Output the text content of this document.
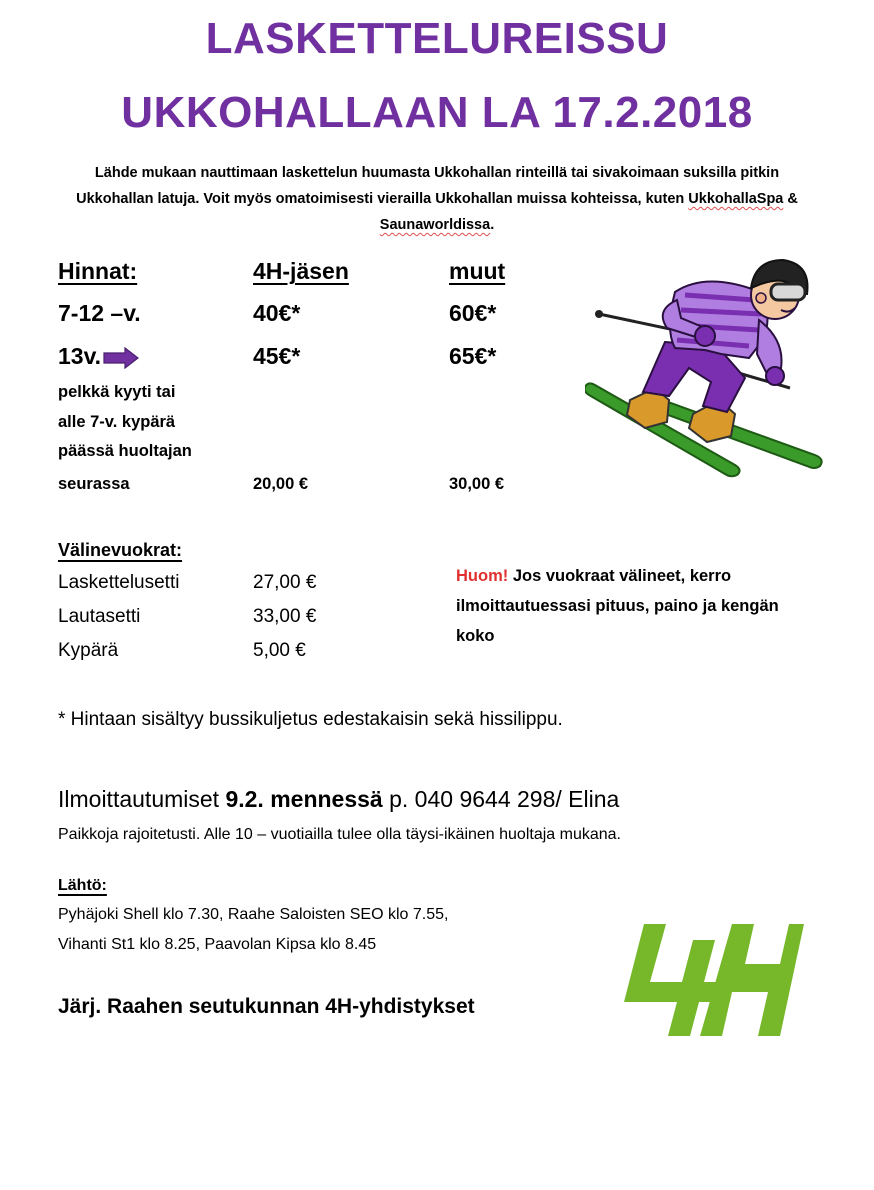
LASKETTELUREISSU
UKKOHALLAAN LA 17.2.2018
Lähde mukaan nauttimaan laskettelun huumasta Ukkohallan rinteillä tai sivakoimaan suksilla pitkin Ukkohallan latuja. Voit myös omatoimisesti vierailla Ukkohallan muissa kohteissa, kuten UkkohallaSpa & Saunaworldissa.
Hinnat:	4H-jäsen	muut
7-12 –v.	40€*	60€*
13v.	45€*	65€*
pelkkä kyyti tai
alle 7-v. kypärä
päässä huoltajan
seurassa	20,00 €	30,00 €
Välinevuokrat:
Laskettelusetti	27,00 €
Lautasetti	33,00 €
Kypärä	5,00 €
Huom! Jos vuokraat välineet, kerro ilmoittautuessasi pituus, paino ja kengän koko
* Hintaan sisältyy bussikuljetus edestakaisin sekä hissilippu.
Ilmoittautumiset 9.2. mennessä p. 040 9644 298/ Elina
Paikkoja rajoitetusti. Alle 10 – vuotiailla tulee olla täysi-ikäinen huoltaja mukana.
Lähtö:
Pyhäjoki Shell klo 7.30, Raahe Saloisten SEO klo 7.55,
Vihanti St1 klo 8.25, Paavolan Kipsa klo 8.45
Järj. Raahen seutukunnan 4H-yhdistykset
